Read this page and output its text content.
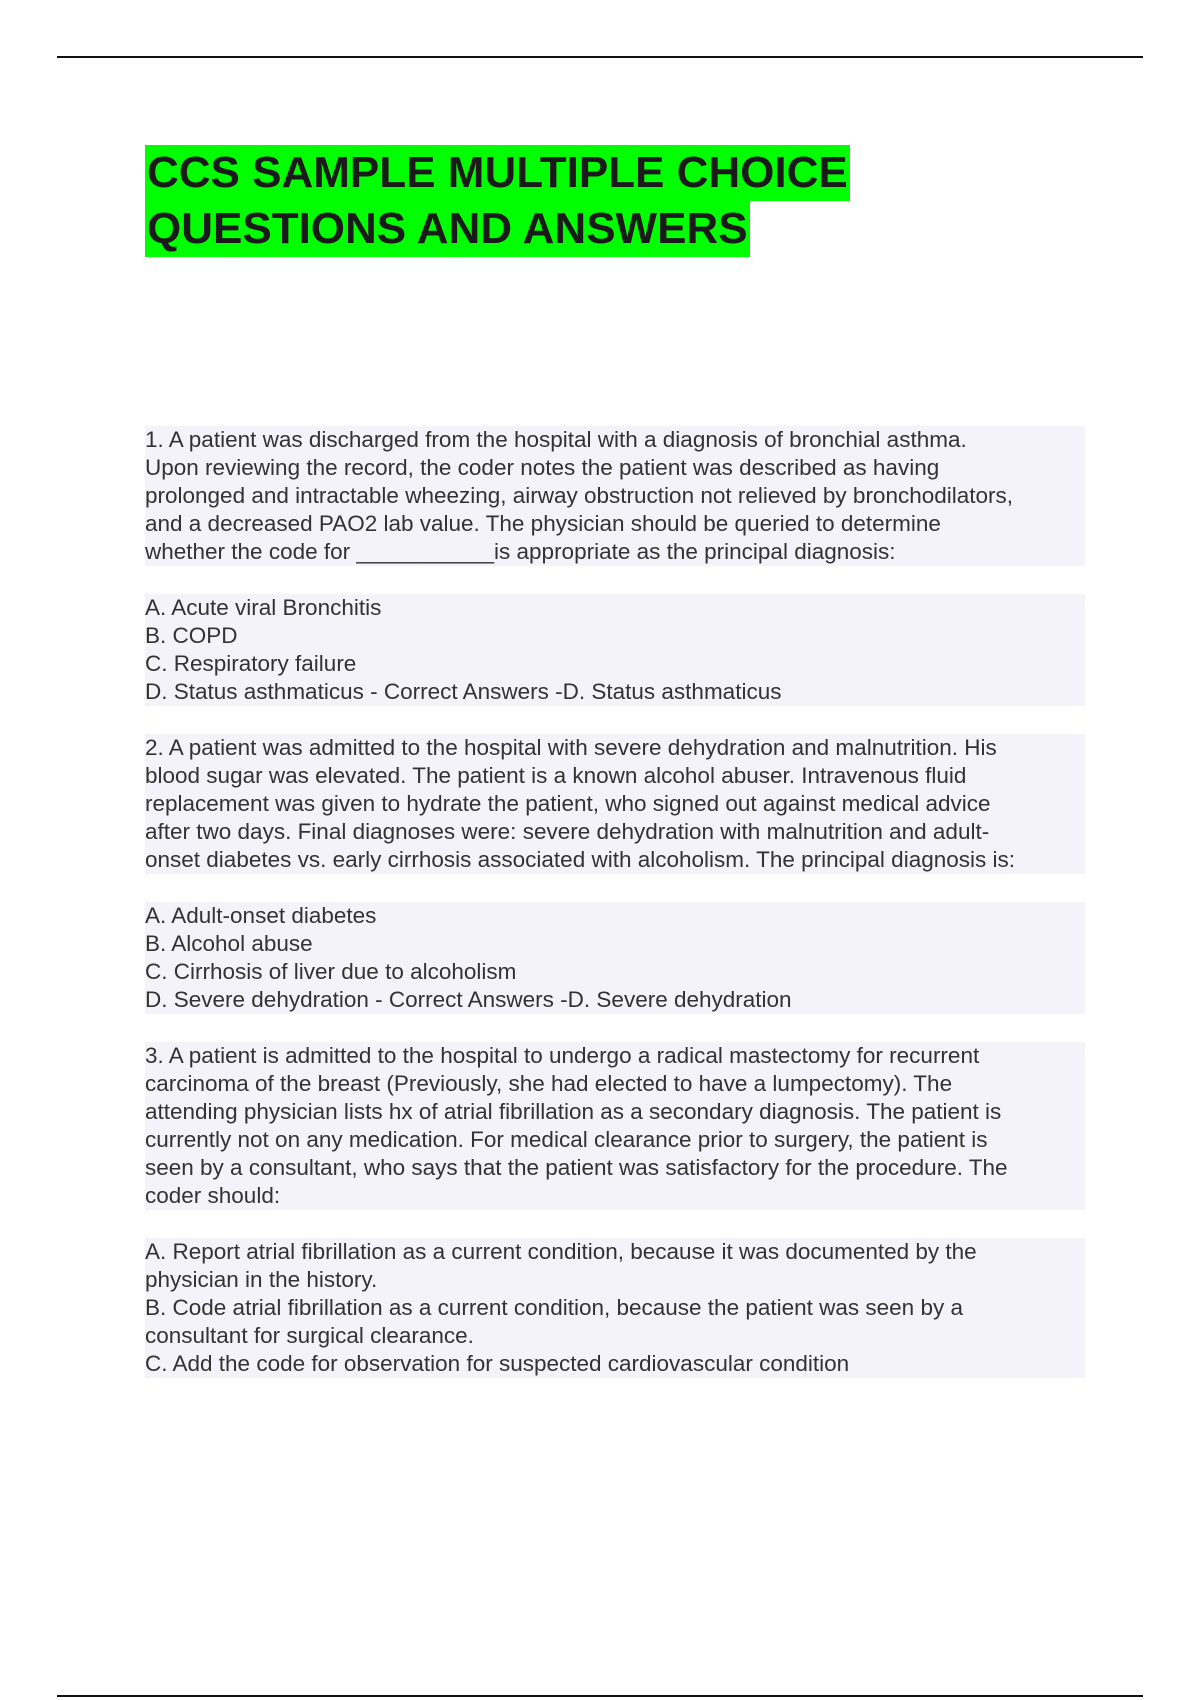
CCS SAMPLE MULTIPLE CHOICE
QUESTIONS AND ANSWERS
1. A patient was discharged from the hospital with a diagnosis of bronchial asthma.
Upon reviewing the record, the coder notes the patient was described as having
prolonged and intractable wheezing, airway obstruction not relieved by bronchodilators,
and a decreased PAO2 lab value. The physician should be queried to determine
whether the code for ___________is appropriate as the principal diagnosis:
A. Acute viral Bronchitis
B. COPD
C. Respiratory failure
D. Status asthmaticus - Correct Answers -D. Status asthmaticus
2. A patient was admitted to the hospital with severe dehydration and malnutrition. His
blood sugar was elevated. The patient is a known alcohol abuser. Intravenous fluid
replacement was given to hydrate the patient, who signed out against medical advice
after two days. Final diagnoses were: severe dehydration with malnutrition and adult-
onset diabetes vs. early cirrhosis associated with alcoholism. The principal diagnosis is:
A. Adult-onset diabetes
B. Alcohol abuse
C. Cirrhosis of liver due to alcoholism
D. Severe dehydration - Correct Answers -D. Severe dehydration
3. A patient is admitted to the hospital to undergo a radical mastectomy for recurrent
carcinoma of the breast (Previously, she had elected to have a lumpectomy). The
attending physician lists hx of atrial fibrillation as a secondary diagnosis. The patient is
currently not on any medication. For medical clearance prior to surgery, the patient is
seen by a consultant, who says that the patient was satisfactory for the procedure. The
coder should:
A. Report atrial fibrillation as a current condition, because it was documented by the
physician in the history.
B. Code atrial fibrillation as a current condition, because the patient was seen by a
consultant for surgical clearance.
C. Add the code for observation for suspected cardiovascular condition
